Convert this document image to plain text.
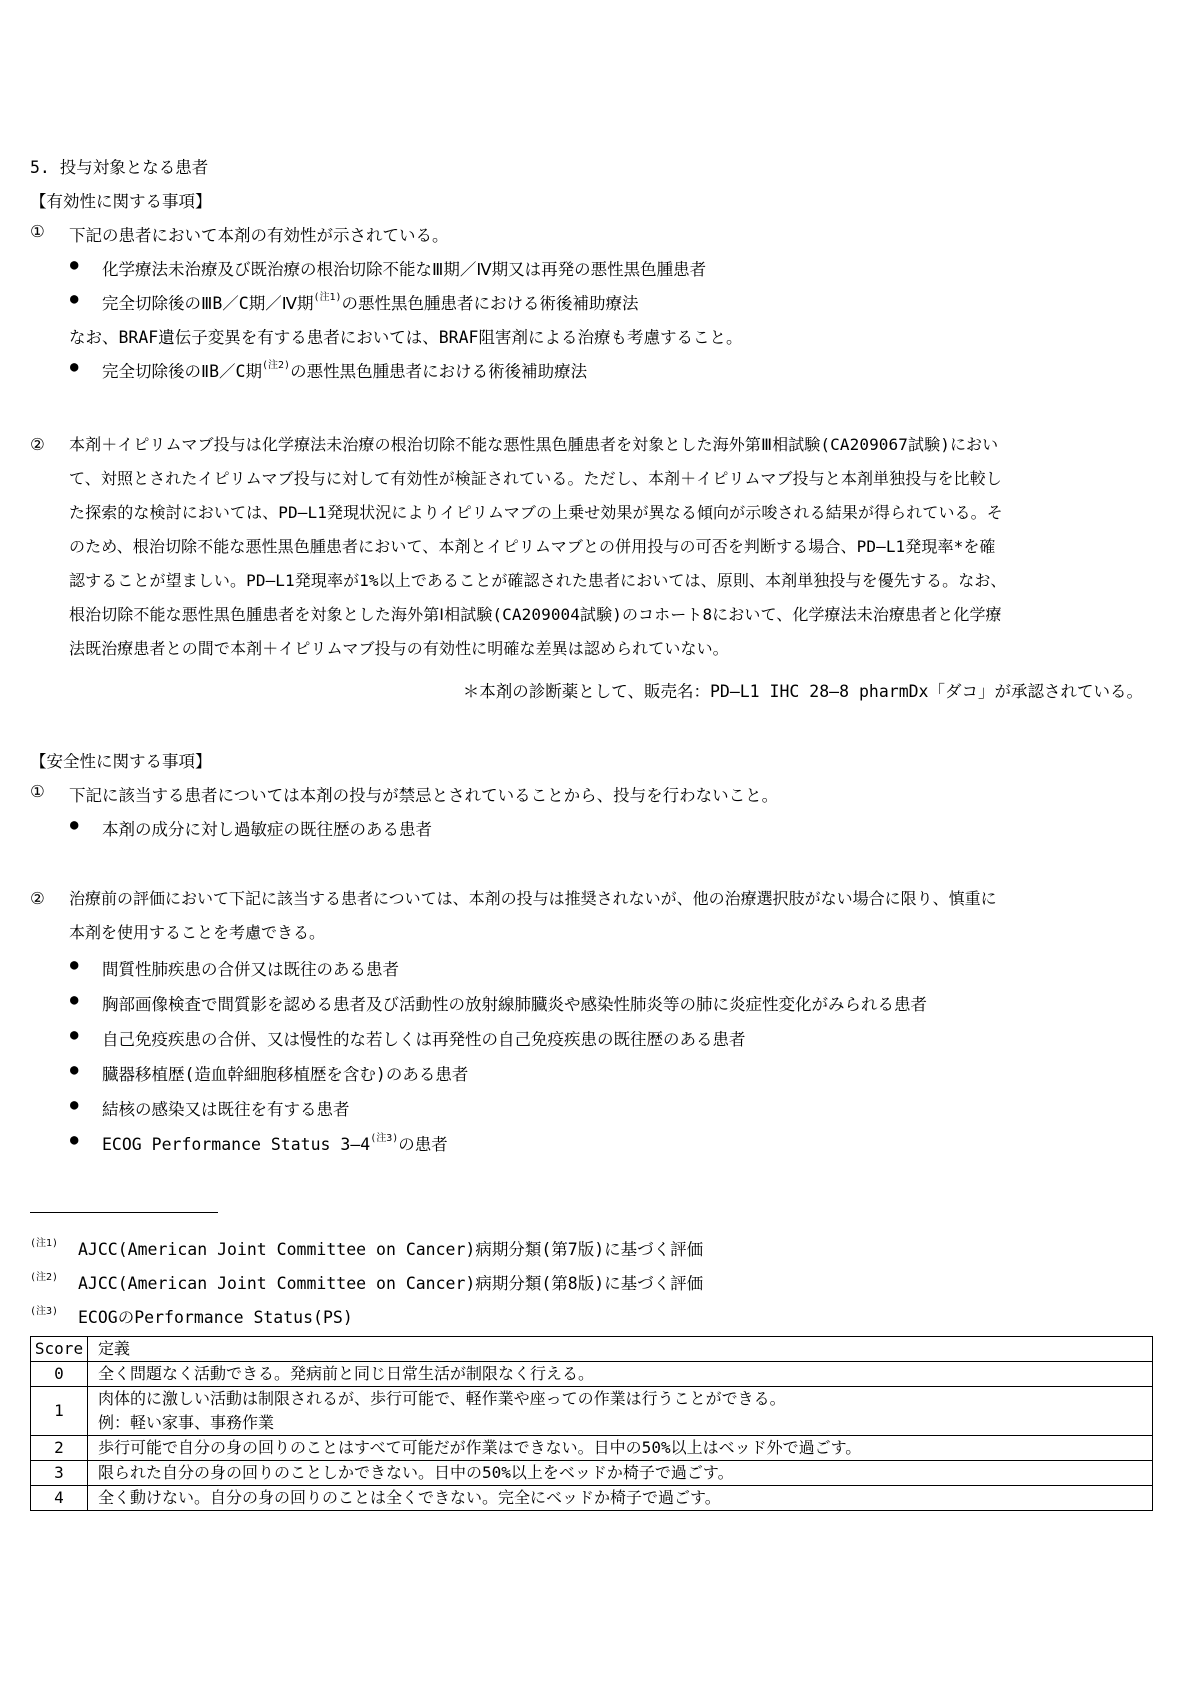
5. 投与対象となる患者
【有効性に関する事項】
① 下記の患者において本剤の有効性が示されている。
● 化学療法未治療及び既治療の根治切除不能なⅢ期／Ⅳ期又は再発の悪性黒色腫患者
● 完全切除後のⅢB／C期／Ⅳ期$^{(注1)}$の悪性黒色腫患者における術後補助療法
なお、BRAF遺伝子変異を有する患者においては、BRAF阻害剤による治療も考慮すること。
● 完全切除後のⅡB／C期$^{(注2)}$の悪性黒色腫患者における術後補助療法
② 本剤＋イピリムマブ投与は化学療法未治療の根治切除不能な悪性黒色腫患者を対象とした海外第Ⅲ相試験(CA209067試験)におい
て、対照とされたイピリムマブ投与に対して有効性が検証されている。ただし、本剤＋イピリムマブ投与と本剤単独投与を比較し
た探索的な検討においては、PD―L1発現状況によりイピリムマブの上乗せ効果が異なる傾向が示唆される結果が得られている。そ
のため、根治切除不能な悪性黒色腫患者において、本剤とイピリムマブとの併用投与の可否を判断する場合、PD―L1発現率*を確
認することが望ましい。PD―L1発現率が1%以上であることが確認された患者においては、原則、本剤単独投与を優先する。なお、
根治切除不能な悪性黒色腫患者を対象とした海外第Ⅰ相試験(CA209004試験)のコホート8において、化学療法未治療患者と化学療
法既治療患者との間で本剤＋イピリムマブ投与の有効性に明確な差異は認められていない。
＊本剤の診断薬として、販売名：PD―L1 IHC 28―8 pharmDx「ダコ」が承認されている。
【安全性に関する事項】
① 下記に該当する患者については本剤の投与が禁忌とされていることから、投与を行わないこと。
● 本剤の成分に対し過敏症の既往歴のある患者
② 治療前の評価において下記に該当する患者については、本剤の投与は推奨されないが、他の治療選択肢がない場合に限り、慎重に
本剤を使用することを考慮できる。
● 間質性肺疾患の合併又は既往のある患者
● 胸部画像検査で間質影を認める患者及び活動性の放射線肺臓炎や感染性肺炎等の肺に炎症性変化がみられる患者
● 自己免疫疾患の合併、又は慢性的な若しくは再発性の自己免疫疾患の既往歴のある患者
● 臓器移植歴(造血幹細胞移植歴を含む)のある患者
● 結核の感染又は既往を有する患者
● ECOG Performance Status 3―4$^{(注3)}$の患者
(注1) AJCC(American Joint Committee on Cancer)病期分類(第7版)に基づく評価
(注2) AJCC(American Joint Committee on Cancer)病期分類(第8版)に基づく評価
(注3) ECOGのPerformance Status(PS)
Score	定義
0	全く問題なく活動できる。発病前と同じ日常生活が制限なく行える。
1	肉体的に激しい活動は制限されるが、歩行可能で、軽作業や座っての作業は行うことができる。
例：軽い家事、事務作業

2	歩行可能で自分の身の回りのことはすべて可能だが作業はできない。日中の50%以上はベッド外で過ごす。
3	限られた自分の身の回りのことしかできない。日中の50%以上をベッドか椅子で過ごす。
4	全く動けない。自分の身の回りのことは全くできない。完全にベッドか椅子で過ごす。
